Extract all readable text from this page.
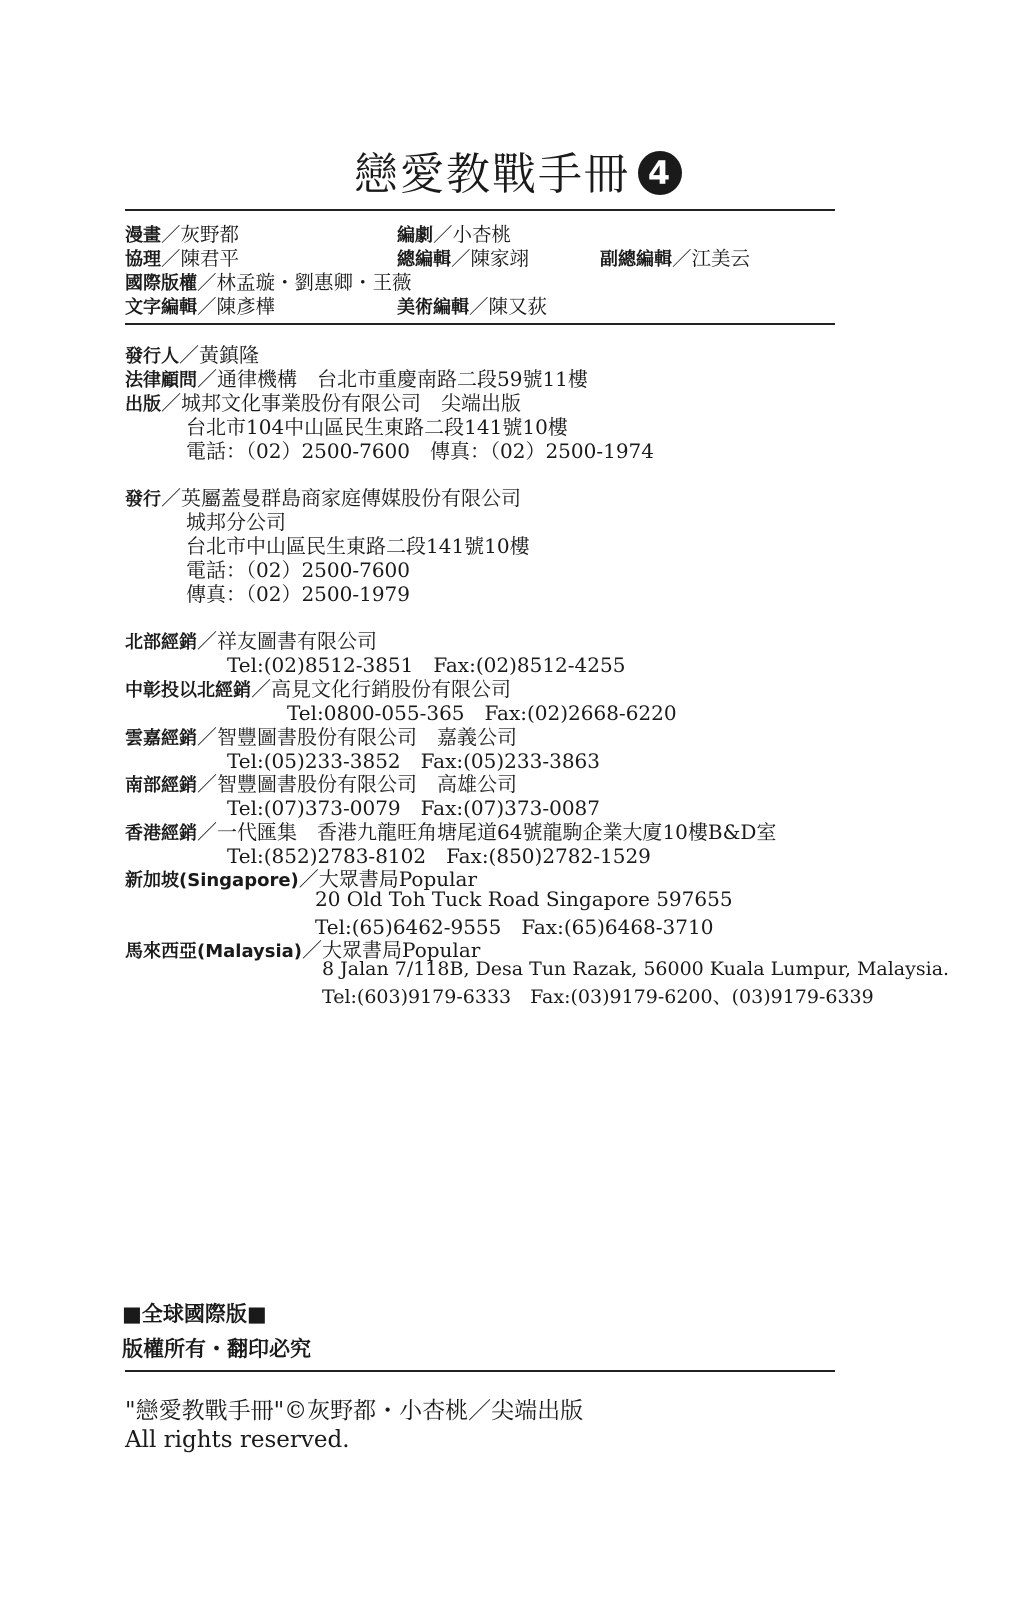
戀愛教戰手冊 4
漫畫／灰野都	編劇／小杏桃
協理／陳君平	總編輯／陳家翊	副總編輯／江美云
國際版權／林孟璇・劉惠卿・王薇
文字編輯／陳彥樺	美術編輯／陳又荻
發行人／黃鎮隆
法律顧問／通律機構　台北市重慶南路二段59號11樓
出版／城邦文化事業股份有限公司　尖端出版
台北市104中山區民生東路二段141號10樓
電話：（02）2500-7600　傳真：（02）2500-1974
發行／英屬蓋曼群島商家庭傳媒股份有限公司
城邦分公司
台北市中山區民生東路二段141號10樓
電話：（02）2500-7600
傳真：（02）2500-1979
北部經銷／祥友圖書有限公司
Tel:(02)8512-3851　Fax:(02)8512-4255
中彰投以北經銷／高見文化行銷股份有限公司
Tel:0800-055-365　Fax:(02)2668-6220
雲嘉經銷／智豐圖書股份有限公司　嘉義公司
Tel:(05)233-3852　Fax:(05)233-3863
南部經銷／智豐圖書股份有限公司　高雄公司
Tel:(07)373-0079　Fax:(07)373-0087
香港經銷／一代匯集　香港九龍旺角塘尾道64號龍駒企業大廈10樓B&D室
Tel:(852)2783-8102　Fax:(850)2782-1529
新加坡(Singapore)／大眾書局Popular
20 Old Toh Tuck Road Singapore 597655
Tel:(65)6462-9555　Fax:(65)6468-3710
馬來西亞(Malaysia)／大眾書局Popular
8 Jalan 7/118B, Desa Tun Razak, 56000 Kuala Lumpur, Malaysia.
Tel:(603)9179-6333　Fax:(03)9179-6200、(03)9179-6339
■全球國際版■
版權所有・翻印必究
"戀愛教戰手冊"©灰野都・小杏桃／尖端出版
All rights reserved.
